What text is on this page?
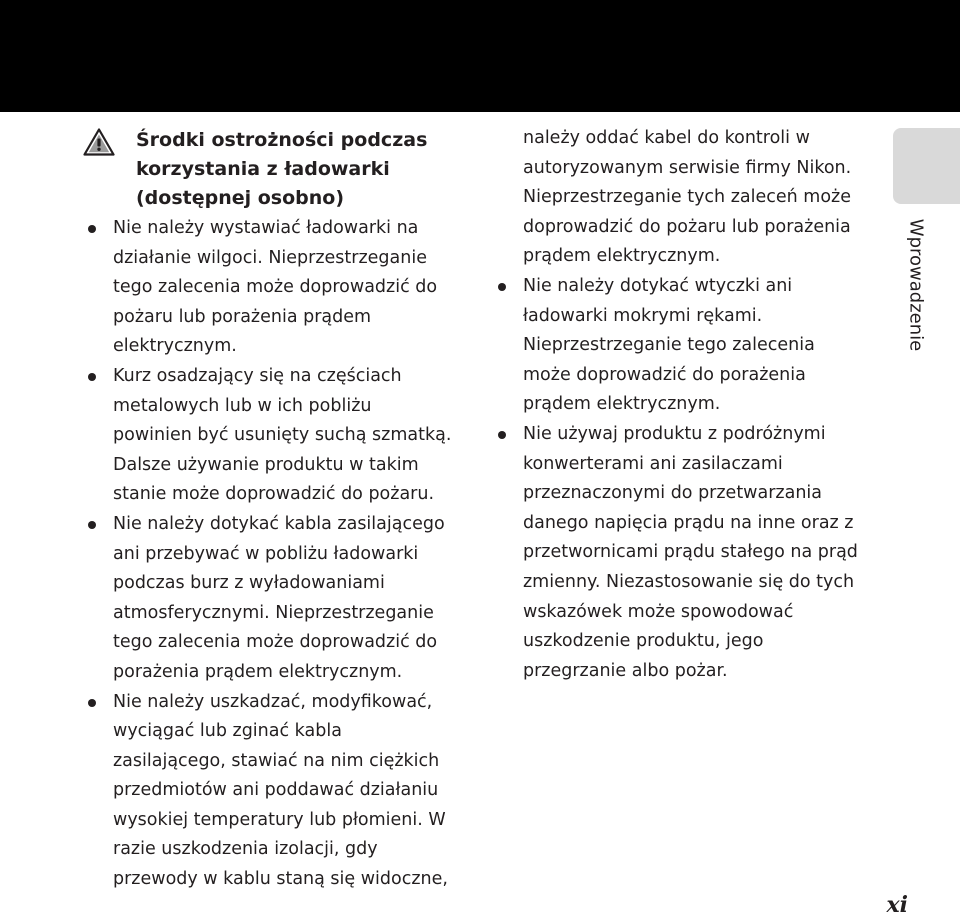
Środki ostrożności podczas
korzystania z ładowarki
(dostępnej osobno)
Nie należy wystawiać ładowarki na
działanie wilgoci. Nieprzestrzeganie
tego zalecenia może doprowadzić do
pożaru lub porażenia prądem
elektrycznym.
Kurz osadzający się na częściach
metalowych lub w ich pobliżu
powinien być usunięty suchą szmatką.
Dalsze używanie produktu w takim
stanie może doprowadzić do pożaru.
Nie należy dotykać kabla zasilającego
ani przebywać w pobliżu ładowarki
podczas burz z wyładowaniami
atmosferycznymi. Nieprzestrzeganie
tego zalecenia może doprowadzić do
porażenia prądem elektrycznym.
Nie należy uszkadzać, modyfikować,
wyciągać lub zginać kabla
zasilającego, stawiać na nim ciężkich
przedmiotów ani poddawać działaniu
wysokiej temperatury lub płomieni. W
razie uszkodzenia izolacji, gdy
przewody w kablu staną się widoczne,
należy oddać kabel do kontroli w
autoryzowanym serwisie firmy Nikon.
Nieprzestrzeganie tych zaleceń może
doprowadzić do pożaru lub porażenia
prądem elektrycznym.
Nie należy dotykać wtyczki ani
ładowarki mokrymi rękami.
Nieprzestrzeganie tego zalecenia
może doprowadzić do porażenia
prądem elektrycznym.
Nie używaj produktu z podróżnymi
konwerterami ani zasilaczami
przeznaczonymi do przetwarzania
danego napięcia prądu na inne oraz z
przetwornicami prądu stałego na prąd
zmienny. Niezastosowanie się do tych
wskazówek może spowodować
uszkodzenie produktu, jego
przegrzanie albo pożar.
Wprowadzenie
xi
